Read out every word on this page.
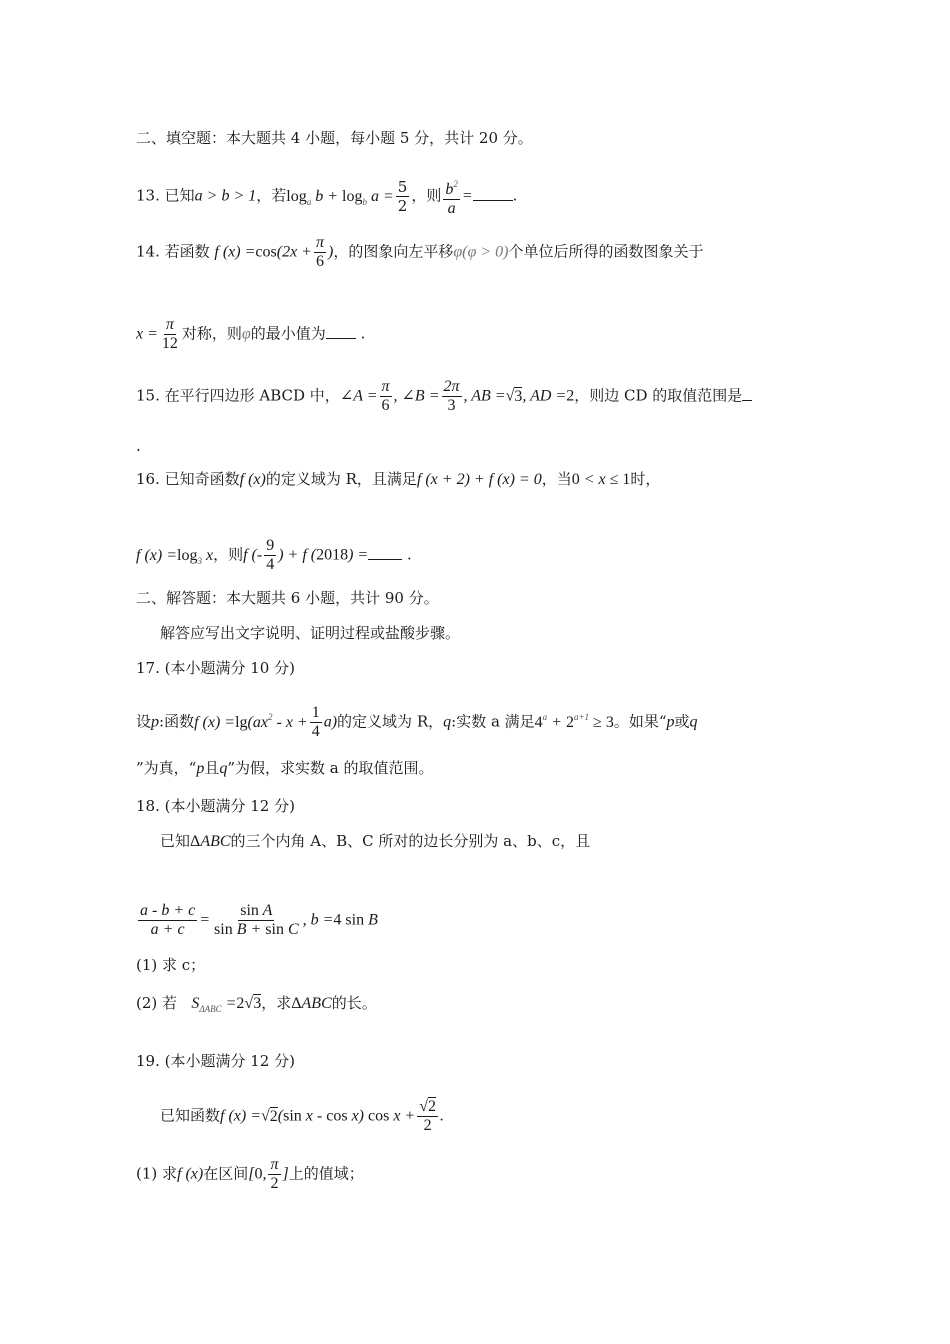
二、填空题：本大题共 4 小题，每小题 5 分，共计 20 分。
13. 已知a > b > 1，若$\log_a b + \log_b a = \frac{5}{2}$ ，则 $\frac{b^2}{a}$ =	.
14. 若函数 f $(x) =\cos(2x + \frac{\pi}{6}$ )，的图象向左平移φ(φ > 0)个单位后所得的函数图象关于
$x = \frac{\pi}{12}$ 对称，则φ的最小值为 .
15. 在平行四边形 ABCD 中，∠A = $\frac{\pi}{6}$ , ∠B = $\frac{2\pi}{3}$ , AB =√3, AD =2，则边 CD 的取值范围是
.
16. 已知奇函数f (x)的定义域为 R，且满足f (x + 2) + f (x) = 0，当0 < x ≤ 1时，
f $(x) =\log_3$ x，则f (- $\frac{9}{4}$ ) + f (2018) =	.
二、解答题：本大题共 6 小题，共计 90 分。
解答应写出文字说明、证明过程或盐酸步骤。
17. (本小题满分 10 分)
设p:函数f $(x) =\lg(ax^2 - x + \frac{1}{4} a)$的定义域为 R，q:实数 a 满足$4^a + 2^{a+1} \ge 3$。如果“p或q
”为真，“p且q”为假，求实数 a 的取值范围。
18. (本小题满分 12 分)
已知ΔABC的三个内角 A、B、C 所对的边长分别为 a、b、c，且
$\frac{a - b + c}{a + c} = \frac{\text{sin A}}{\text{sin B + sin C}}$ , b =4 sin B
(1) 求 c；
(2) 若 $S_{\Delta ABC} =2√3$，求ΔABC的长。
19. (本小题满分 12 分)
已知函数f (x) =√2(sin x - cos x) $\cos x + \frac{√2}{2}$ .
(1) 求f (x)在区间[0, $\frac{\pi}{2}$ ]上的值域；
